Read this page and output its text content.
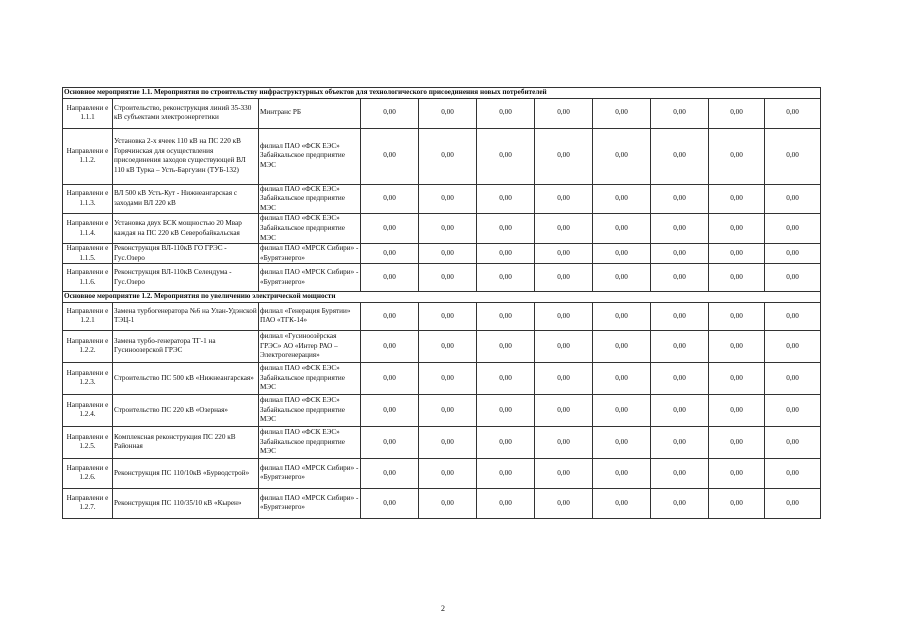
Основное мероприятие 1.1. Мероприятия по строительству инфраструктурных объектов для технологического присоединения новых потребителей										
Направлени е 1.1.1	Строительство, реконструкция линий 35-330 кВ субъектами электроэнергетики	Минтранс РБ	0,00	0,00	0,00	0,00	0,00	0,00	0,00	0,00
Направлени е 1.1.2.	Установка 2-х ячеек 110 кВ на ПС 220 кВ Горячинская для осуществления присоединения заходов существующей ВЛ 110 кВ Турка – Усть-Баргузин (ТУБ-132)	филиал ПАО «ФСК ЕЭС» Забайкальское предприятие МЭС	0,00	0,00	0,00	0,00	0,00	0,00	0,00	0,00
Направлени е 1.1.3.	ВЛ 500 кВ Усть-Кут - Нижнеангарская с заходами ВЛ 220 кВ	филиал ПАО «ФСК ЕЭС» Забайкальское предприятие МЭС	0,00	0,00	0,00	0,00	0,00	0,00	0,00	0,00
Направлени е 1.1.4.	Установка двух БСК мощностью 20 Мвар каждая на ПС 220 кВ Северобайкальская	филиал ПАО «ФСК ЕЭС» Забайкальское предприятие МЭС	0,00	0,00	0,00	0,00	0,00	0,00	0,00	0,00
Направлени е 1.1.5.	Реконструкция ВЛ-110кВ ГО ГРЭС - Гус.Озеро	филиал ПАО «МРСК Сибири» - «Бурятэнерго»	0,00	0,00	0,00	0,00	0,00	0,00	0,00	0,00
Направлени е 1.1.6.	Реконструкция ВЛ-110кВ Селендума - Гус.Озеро	филиал ПАО «МРСК Сибири» - «Бурятэнерго»	0,00	0,00	0,00	0,00	0,00	0,00	0,00	0,00
Основное мероприятие 1.2. Мероприятия по увеличению электрической мощности										
Направлени е 1.2.1	Замена турбогенератора №6 на Улан-Удэнской ТЭЦ-1	филиал «Генерация Бурятии» ПАО «ТГК-14»	0,00	0,00	0,00	0,00	0,00	0,00	0,00	0,00
Направлени е 1.2.2.	Замена турбо-генератора ТГ-1 на Гусиноозерской ГРЭС	филиал «Гусиноозёрская ГРЭС» АО «Интер РАО – Электрогенерация»	0,00	0,00	0,00	0,00	0,00	0,00	0,00	0,00
Направлени е 1.2.3.	Строительство ПС 500 кВ «Нижнеангарская»	филиал ПАО «ФСК ЕЭС» Забайкальское предприятие МЭС	0,00	0,00	0,00	0,00	0,00	0,00	0,00	0,00
Направлени е 1.2.4.	Строительство ПС 220 кВ «Озерная»	филиал ПАО «ФСК ЕЭС» Забайкальское предприятие МЭС	0,00	0,00	0,00	0,00	0,00	0,00	0,00	0,00
Направлени е 1.2.5.	Комплексная реконструкция ПС 220 кВ Районная	филиал ПАО «ФСК ЕЭС» Забайкальское предприятие МЭС	0,00	0,00	0,00	0,00	0,00	0,00	0,00	0,00
Направлени е 1.2.6.	Реконструкция ПС 110/10кВ «Бурводстрой»	филиал ПАО «МРСК Сибири» - «Бурятэнерго»	0,00	0,00	0,00	0,00	0,00	0,00	0,00	0,00
Направлени е 1.2.7.	Реконструкция ПС 110/35/10 кВ «Кырен»	филиал ПАО «МРСК Сибири» - «Бурятэнерго»	0,00	0,00	0,00	0,00	0,00	0,00	0,00	0,00
2
